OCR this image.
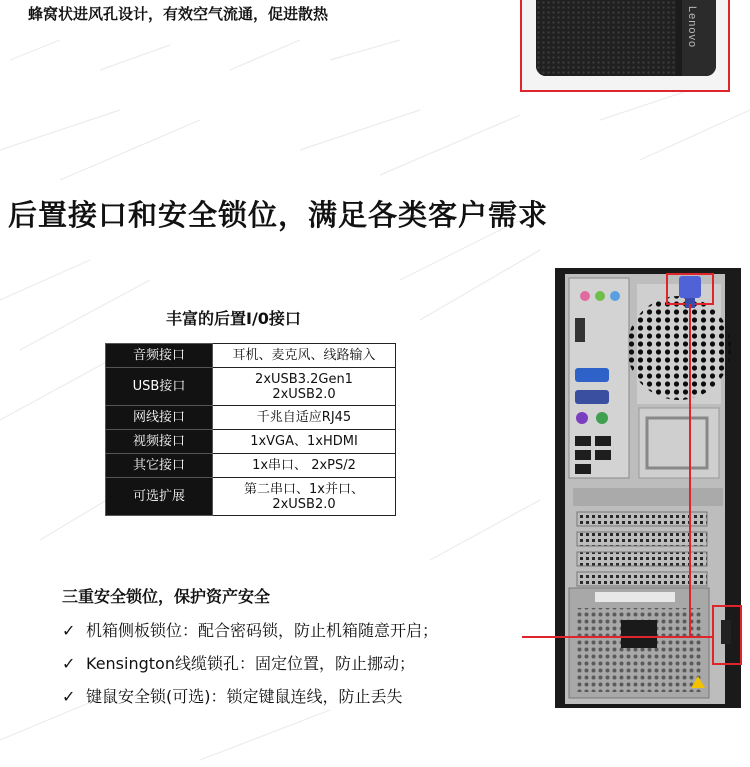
蜂窝状进风孔设计，有效空气流通，促进散热	Lenovo
后置接口和安全锁位，满足各类客户需求
丰富的后置I/0接口
音频接口	耳机、麦克风、线路输入
USB接口	2xUSB3.2Gen1
2xUSB2.0
网线接口	千兆自适应RJ45
视频接口	1xVGA、1xHDMI
其它接口	1x串口、 2xPS/2
可选扩展	第二串口、1x并口、
2xUSB2.0
三重安全锁位，保护资产安全
✓ 机箱侧板锁位：配合密码锁，防止机箱随意开启；
✓ Kensington线缆锁孔：固定位置，防止挪动；
✓ 键鼠安全锁(可选)：锁定键鼠连线，防止丢失
